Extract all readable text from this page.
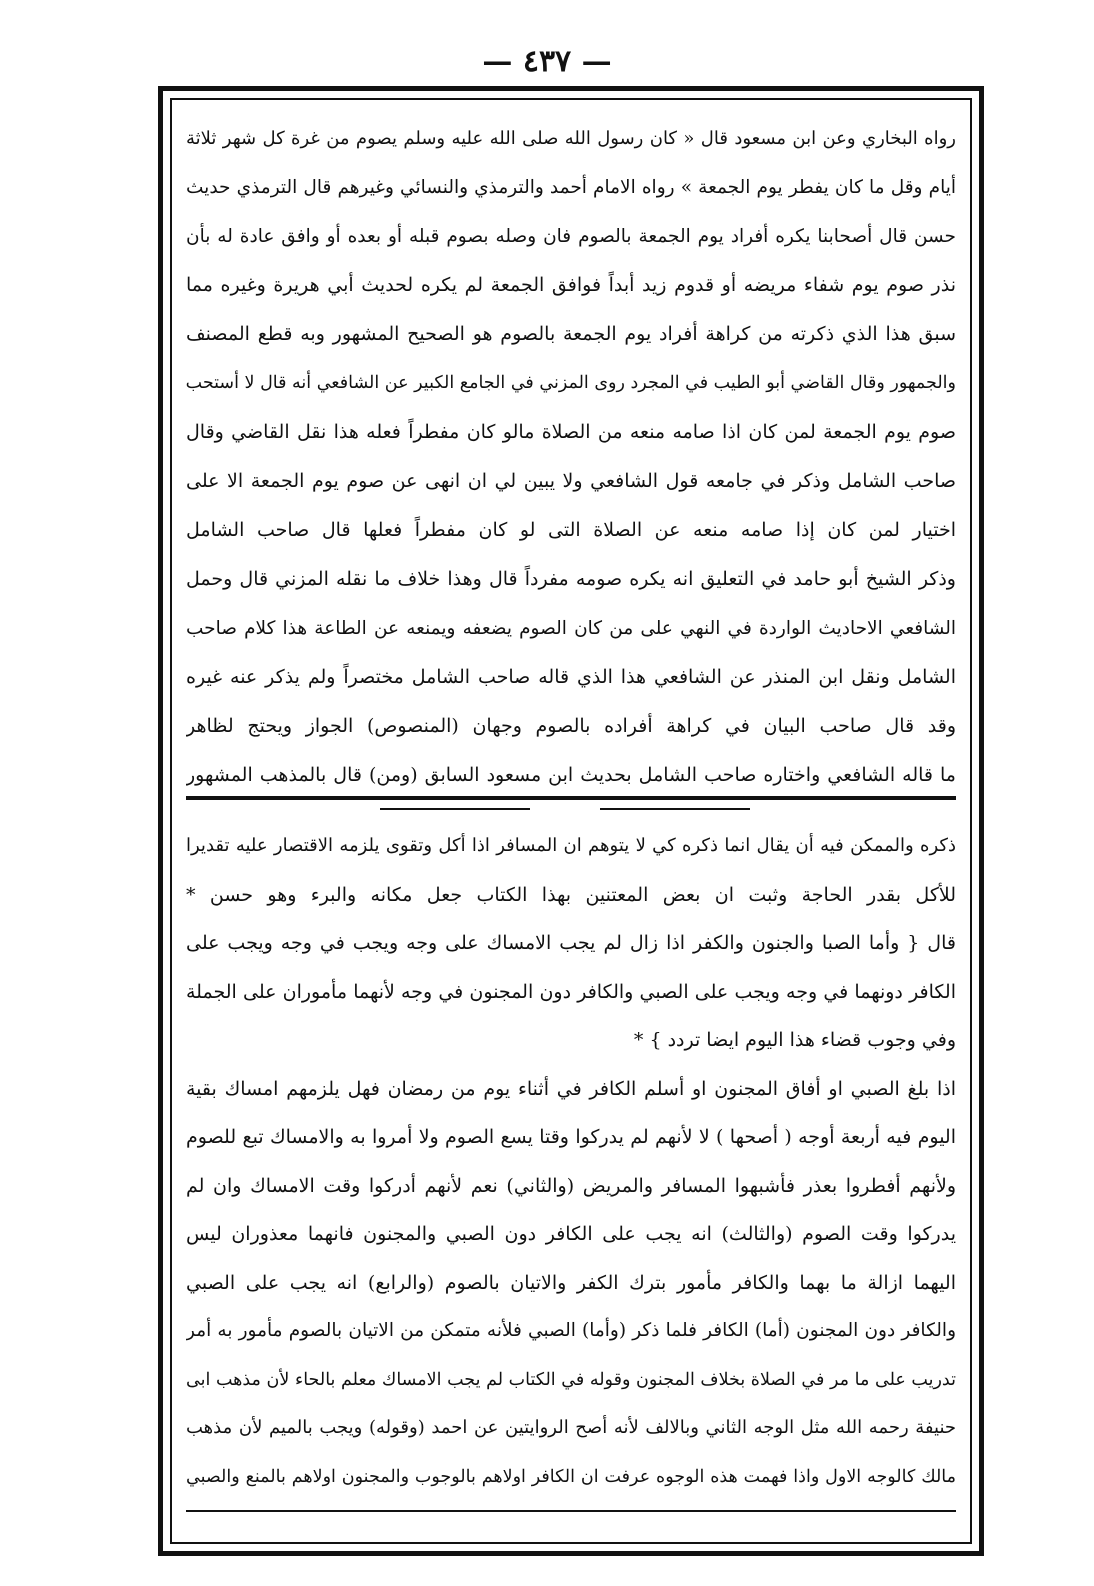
— ٤٣٧ —
رواه البخاري وعن ابن مسعود قال « كان رسول الله صلى الله عليه وسلم يصوم من غرة كل شهر ثلاثة
أيام وقل ما كان يفطر يوم الجمعة » رواه الامام أحمد والترمذي والنسائي وغيرهم قال الترمذي حديث
حسن قال أصحابنا يكره أفراد يوم الجمعة بالصوم فان وصله بصوم قبله أو بعده أو وافق عادة له بأن
نذر صوم يوم شفاء مريضه أو قدوم زيد أبداً فوافق الجمعة لم يكره لحديث أبي هريرة وغيره مما
سبق هذا الذي ذكرته من كراهة أفراد يوم الجمعة بالصوم هو الصحيح المشهور وبه قطع المصنف
والجمهور وقال القاضي أبو الطيب في المجرد روى المزني في الجامع الكبير عن الشافعي أنه قال لا أستحب
صوم يوم الجمعة لمن كان اذا صامه منعه من الصلاة مالو كان مفطراً فعله هذا نقل القاضي وقال
صاحب الشامل وذكر في جامعه قول الشافعي ولا يبين لي ان انهى عن صوم يوم الجمعة الا على
اختيار لمن كان إذا صامه منعه عن الصلاة التى لو كان مفطراً فعلها قال صاحب الشامل
وذكر الشيخ أبو حامد في التعليق انه يكره صومه مفرداً قال وهذا خلاف ما نقله المزني قال وحمل
الشافعي الاحاديث الواردة في النهي على من كان الصوم يضعفه ويمنعه عن الطاعة هذا كلام صاحب
الشامل ونقل ابن المنذر عن الشافعي هذا الذي قاله صاحب الشامل مختصراً ولم يذكر عنه غيره
وقد قال صاحب البيان في كراهة أفراده بالصوم وجهان (المنصوص) الجواز ويحتج لظاهر
ما قاله الشافعي واختاره صاحب الشامل بحديث ابن مسعود السابق (ومن) قال بالمذهب المشهور
ذكره والممكن فيه أن يقال انما ذكره كي لا يتوهم ان المسافر اذا أكل وتقوى يلزمه الاقتصار عليه تقديرا
للأكل بقدر الحاجة وثبت ان بعض المعتنين بهذا الكتاب جعل مكانه والبرء وهو حسن *
قال { وأما الصبا والجنون والكفر اذا زال لم يجب الامساك على وجه ويجب في وجه ويجب على
الكافر دونهما في وجه ويجب على الصبي والكافر دون المجنون في وجه لأنهما مأموران على الجملة
وفي وجوب قضاء هذا اليوم ايضا تردد } *
اذا بلغ الصبي او أفاق المجنون او أسلم الكافر في أثناء يوم من رمضان فهل يلزمهم امساك بقية
اليوم فيه أربعة أوجه ( أصحها ) لا لأنهم لم يدركوا وقتا يسع الصوم ولا أمروا به والامساك تبع للصوم
ولأنهم أفطروا بعذر فأشبهوا المسافر والمريض (والثاني) نعم لأنهم أدركوا وقت الامساك وان لم
يدركوا وقت الصوم (والثالث) انه يجب على الكافر دون الصبي والمجنون فانهما معذوران ليس
اليهما ازالة ما بهما والكافر مأمور بترك الكفر والاتيان بالصوم (والرابع) انه يجب على الصبي
والكافر دون المجنون (أما) الكافر فلما ذكر (وأما) الصبي فلأنه متمكن من الاتيان بالصوم مأمور به أمر
تدريب على ما مر في الصلاة بخلاف المجنون وقوله في الكتاب لم يجب الامساك معلم بالحاء لأن مذهب ابى
حنيفة رحمه الله مثل الوجه الثاني وبالالف لأنه أصح الروايتين عن احمد (وقوله) ويجب بالميم لأن مذهب
مالك كالوجه الاول واذا فهمت هذه الوجوه عرفت ان الكافر اولاهم بالوجوب والمجنون اولاهم بالمنع والصبي
